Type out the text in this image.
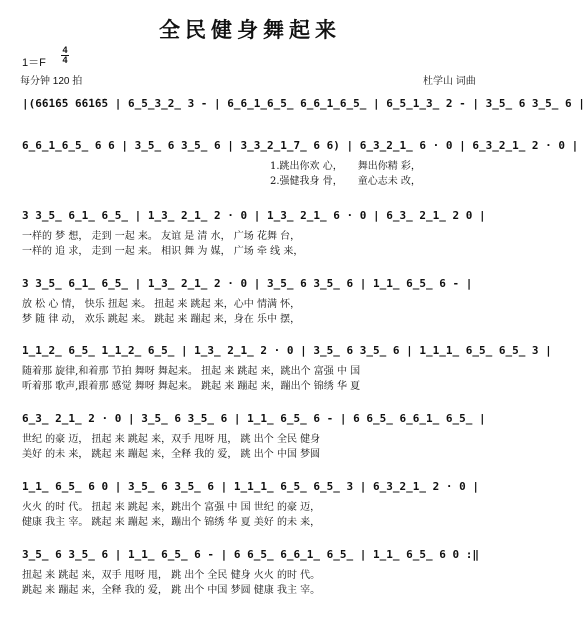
全民健身舞起来
1＝F
4
4
每分钟 120 拍	杜学山 词曲
|(6̇6̇1̇6̇5 6̇6̇1̇6̇5 | 6̲5̲3̲2̲ 3 - | 6̲6̲1̲6̲5̲ 6̲6̲1̲6̲5̲ | 6̲5̲1̲3̲ 2 - | 3̲5̲ 6 3̲5̲ 6 |
6̲6̲1̲6̲5̲ 6 6 | 3̲5̲ 6 3̲5̲ 6 | 3̲3̲2̲1̲7̲ 6 6) | 6̲3̲2̲1̲ 6 · 0 | 6̲3̲2̲1̲ 2 · 0 |
1.跳出你欢 心，　　舞出你精 彩，
2.强健我身 骨，　　童心志未 改，
3 3̲5̲ 6̲1̲ 6̲5̲ | 1̲3̲ 2̲1̲ 2 · 0 | 1̲3̲ 2̲1̲ 6 · 0 | 6̲3̲ 2̲1̲ 2 0 |
一样的 梦 想， 走到 一起 来。 友谊 是 清 水， 广场 花舞 台，
一样的 追 求， 走到 一起 来。 相识 舞 为 媒， 广场 牵 线 来，
3 3̲5̲ 6̲1̲ 6̲5̲ | 1̲3̲ 2̲1̲ 2 · 0 | 3̲5̲ 6 3̲5̲ 6 | 1̲1̲ 6̲5̲ 6 - |
放 松 心 情， 快乐 扭起 来。 扭起 来 跳起 来，心中 情满 怀，
梦 随 律 动， 欢乐 跳起 来。 跳起 来 蹦起 来，身在 乐中 摆，
1̲1̲2̲ 6̲5̲ 1̲1̲2̲ 6̲5̲ | 1̲3̲ 2̲1̲ 2 · 0 | 3̲5̲ 6 3̲5̲ 6 | 1̲1̲1̲ 6̲5̲ 6̲5̲ 3 |
随着那 旋律,和着那 节拍 舞呀 舞起来。 扭起 来 跳起 来，跳出个 富强 中 国
听着那 歌声,跟着那 感觉 舞呀 舞起来。 跳起 来 蹦起 来，蹦出个 锦绣 华 夏
6̲3̲ 2̲1̲ 2 · 0 | 3̲5̲ 6 3̲5̲ 6 | 1̲1̲ 6̲5̲ 6 - | 6 6̲5̲ 6̲6̲1̲ 6̲5̲ |
世纪 的豪 迈， 扭起 来 跳起 来，双手 甩呀 甩， 跳 出个 全民 健身
美好 的未 来， 跳起 来 蹦起 来，全释 我的 爱， 跳 出个 中国 梦圆
1̲1̲ 6̲5̲ 6 0 | 3̲5̲ 6 3̲5̲ 6 | 1̲1̲1̲ 6̲5̲ 6̲5̲ 3 | 6̲3̲2̲1̲ 2 · 0 |
火火 的时 代。 扭起 来 跳起 来，跳出个 富强 中 国 世纪 的豪 迈，
健康 我主 宰。 跳起 来 蹦起 来，蹦出个 锦绣 华 夏 美好 的未 来，
3̲5̲ 6 3̲5̲ 6 | 1̲1̲ 6̲5̲ 6 - | 6 6̲5̲ 6̲6̲1̲ 6̲5̲ | 1̲1̲ 6̲5̲ 6 0 :‖
扭起 来 跳起 来，双手 甩呀 甩， 跳 出个 全民 健身 火火 的时 代。
跳起 来 蹦起 来，全释 我的 爱， 跳 出个 中国 梦圆 健康 我主 宰。
